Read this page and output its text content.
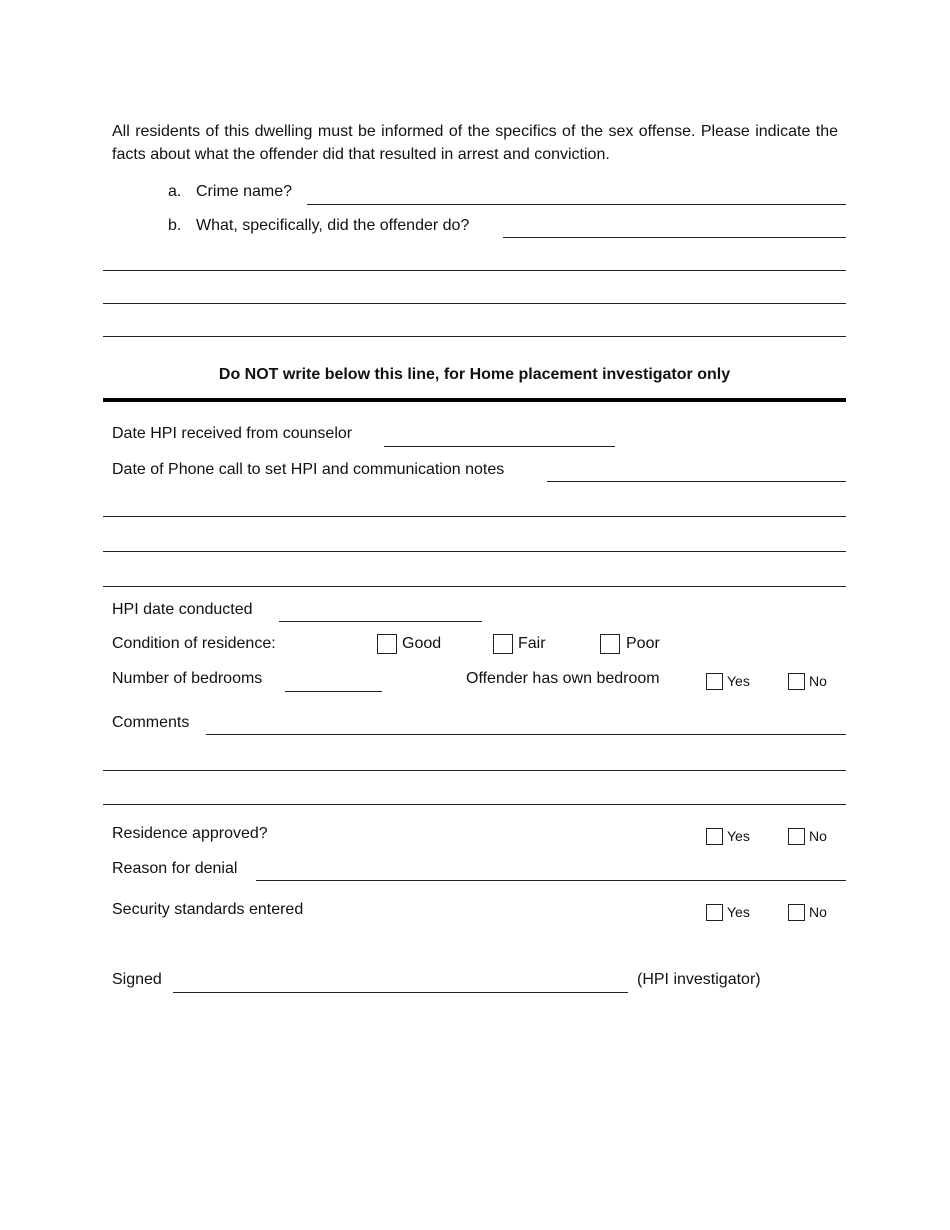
All residents of this dwelling must be informed of the specifics of the sex offense. Please indicate the facts about what the offender did that resulted in arrest and conviction.
a. Crime name?
b. What, specifically, did the offender do?
Do NOT write below this line, for Home placement investigator only
Date HPI received from counselor
Date of Phone call to set HPI and communication notes
HPI date conducted
Condition of residence:	Good	Fair	Poor
Number of bedrooms	Offender has own bedroom	Yes	No
Comments
Residence approved?	Yes	No
Reason for denial
Security standards entered	Yes	No
Signed	(HPI investigator)
